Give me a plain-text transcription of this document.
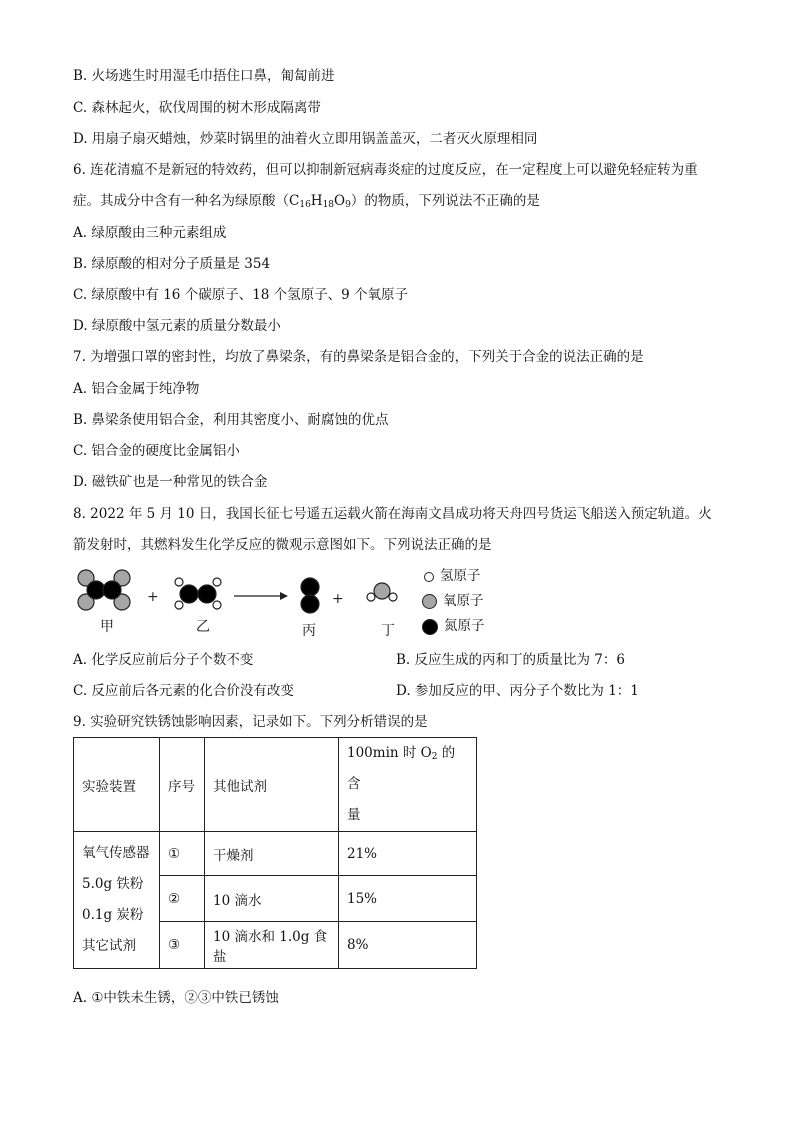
B. 火场逃生时用湿毛巾捂住口鼻，匍匐前进
C. 森林起火，砍伐周围的树木形成隔离带
D. 用扇子扇灭蜡烛，炒菜时锅里的油着火立即用锅盖盖灭，二者灭火原理相同
6. 连花清瘟不是新冠的特效药，但可以抑制新冠病毒炎症的过度反应，在一定程度上可以避免轻症转为重
症。其成分中含有一种名为绿原酸$(C_{16}H_{18}O_9)$的物质，下列说法不正确的是
A. 绿原酸由三种元素组成
B. 绿原酸的相对分子质量是 354
C. 绿原酸中有 16 个碳原子、18 个氢原子、9 个氧原子
D. 绿原酸中氢元素的质量分数最小
7. 为增强口罩的密封性，均放了鼻梁条，有的鼻梁条是铝合金的，下列关于合金的说法正确的是
A. 铝合金属于纯净物
B. 鼻梁条使用铝合金，利用其密度小、耐腐蚀的优点
C. 铝合金的硬度比金属铝小
D. 磁铁矿也是一种常见的铁合金
8. 2022 年 5 月 10 日，我国长征七号遥五运载火箭在海南文昌成功将天舟四号货运飞船送入预定轨道。火
箭发射时，其燃料发生化学反应的微观示意图如下。下列说法正确的是
+	+
甲	乙	丙	丁
氢原子
氧原子
氮原子
A. 化学反应前后分子个数不变	B. 反应生成的丙和丁的质量比为 7：6
C. 反应前后各元素的化合价没有改变	D. 参加反应的甲、丙分子个数比为 1：1
9. 实验研究铁锈蚀影响因素，记录如下。下列分析错误的是
实验装置	序号	其他试剂	100min 时 $O_2$ 的含
量

氧气传感器
5.0g 铁粉
0.1g 炭粉
其它试剂	①	干燥剂	21%
	②	10 滴水	15%
	③	10 滴水和 1.0g 食盐	8%
A. ①中铁未生锈，②③中铁已锈蚀
